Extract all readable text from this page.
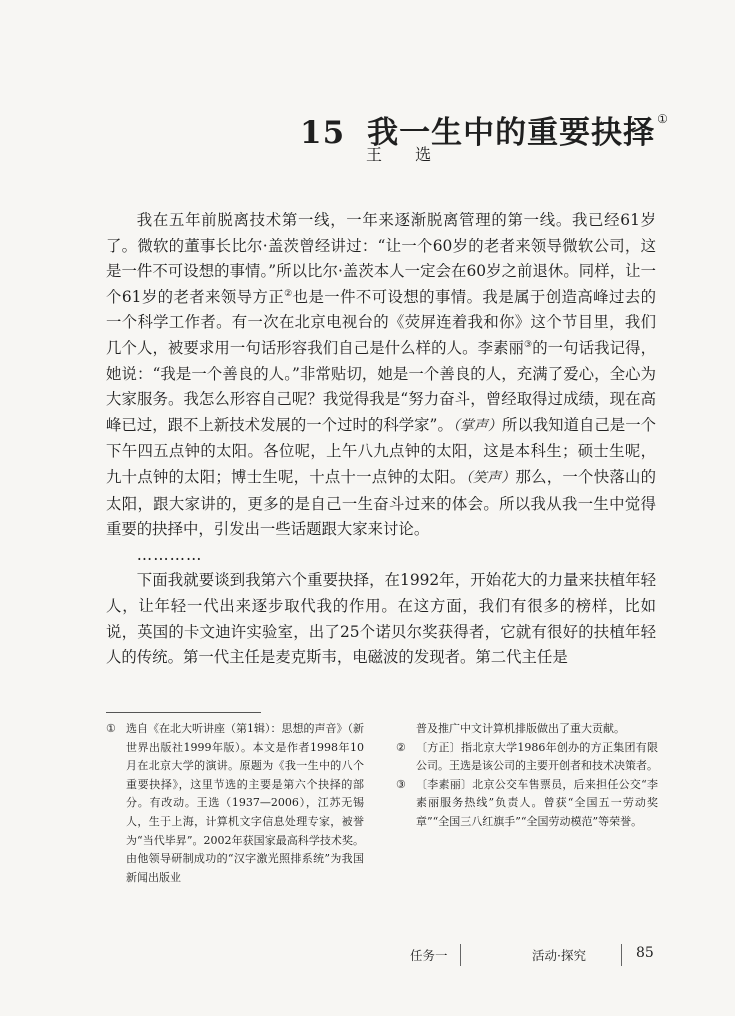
15 我一生中的重要抉择 ①
王 选

我在五年前脱离技术第一线，一年来逐渐脱离管理的第一线。我已经61岁了。微软的董事长比尔·盖茨曾经讲过：“让一个60岁的老者来领导微软公司，这是一件不可设想的事情。”所以比尔·盖茨本人一定会在60岁之前退休。同样，让一个61岁的老者来领导方正②也是一件不可设想的事情。我是属于创造高峰过去的一个科学工作者。有一次在北京电视台的《荧屏连着我和你》这个节目里，我们几个人，被要求用一句话形容我们自己是什么样的人。李素丽③的一句话我记得，她说：“我是一个善良的人。”非常贴切，她是一个善良的人，充满了爱心，全心为大家服务。我怎么形容自己呢？我觉得我是“努力奋斗，曾经取得过成绩，现在高峰已过，跟不上新技术发展的一个过时的科学家”。（掌声）所以我知道自己是一个下午四五点钟的太阳。各位呢，上午八九点钟的太阳，这是本科生；硕士生呢，九十点钟的太阳；博士生呢，十点十一点钟的太阳。（笑声）那么，一个快落山的太阳，跟大家讲的，更多的是自己一生奋斗过来的体会。所以我从我一生中觉得重要的抉择中，引发出一些话题跟大家来讨论。

…………

下面我就要谈到我第六个重要抉择，在1992年，开始花大的力量来扶植年轻人，让年轻一代出来逐步取代我的作用。在这方面，我们有很多的榜样，比如说，英国的卡文迪许实验室，出了25个诺贝尔奖获得者，它就有很好的扶植年轻人的传统。第一代主任是麦克斯韦，电磁波的发现者。第二代主任是

① 选自《在北大听讲座（第1辑）：思想的声音》（新世界出版社1999年版）。本文是作者1998年10月在北京大学的演讲。原题为《我一生中的八个重要抉择》，这里节选的主要是第六个抉择的部分。有改动。王选（1937—2006），江苏无锡人，生于上海，计算机文字信息处理专家，被誉为“当代毕昇”。2002年获国家最高科学技术奖。由他领导研制成功的“汉字激光照排系统”为我国新闻出版业

普及推广中文计算机排版做出了重大贡献。

② 〔方正〕指北京大学1986年创办的方正集团有限公司。王选是该公司的主要开创者和技术决策者。
③ 〔李素丽〕北京公交车售票员，后来担任公交“李素丽服务热线”负责人。曾获“全国五一劳动奖章”“全国三八红旗手”“全国劳动模范”等荣誉。
任务一	活动·探究	85
